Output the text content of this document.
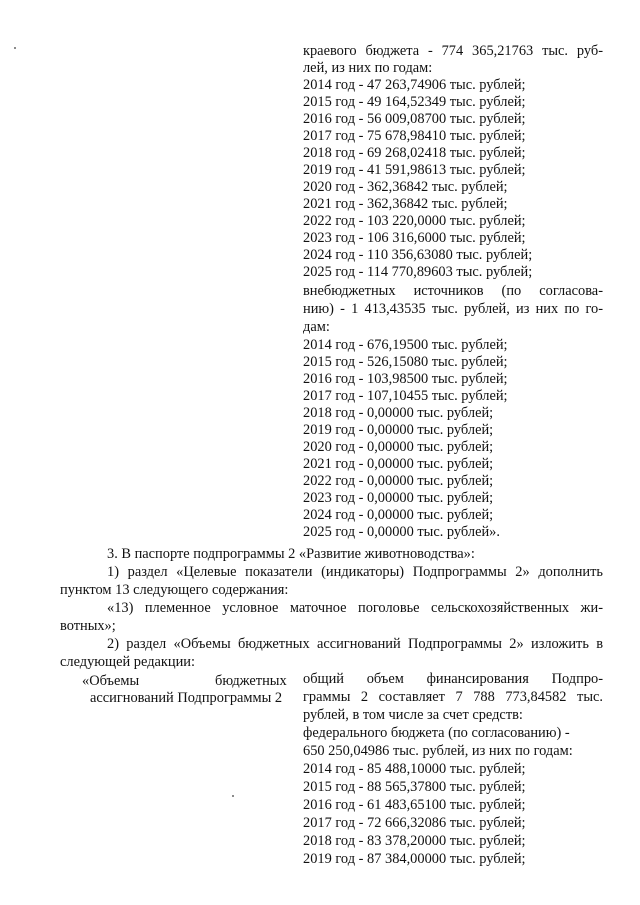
краевого бюджета - 774 365,21763 тыс. руб-
лей, из них по годам:
2014 год - 47 263,74906 тыс. рублей;
2015 год - 49 164,52349 тыс. рублей;
2016 год - 56 009,08700 тыс. рублей;
2017 год - 75 678,98410 тыс. рублей;
2018 год - 69 268,02418 тыс. рублей;
2019 год - 41 591,98613 тыс. рублей;
2020 год - 362,36842 тыс. рублей;
2021 год - 362,36842 тыс. рублей;
2022 год - 103 220,0000 тыс. рублей;
2023 год - 106 316,6000 тыс. рублей;
2024 год - 110 356,63080 тыс. рублей;
2025 год - 114 770,89603 тыс. рублей;
внебюджетных источников (по согласова-
нию) - 1 413,43535 тыс. рублей, из них по го-
дам:
2014 год - 676,19500 тыс. рублей;
2015 год - 526,15080 тыс. рублей;
2016 год - 103,98500 тыс. рублей;
2017 год - 107,10455 тыс. рублей;
2018 год - 0,00000 тыс. рублей;
2019 год - 0,00000 тыс. рублей;
2020 год - 0,00000 тыс. рублей;
2021 год - 0,00000 тыс. рублей;
2022 год - 0,00000 тыс. рублей;
2023 год - 0,00000 тыс. рублей;
2024 год - 0,00000 тыс. рублей;
2025 год - 0,00000 тыс. рублей».
3. В паспорте подпрограммы 2 «Развитие животноводства»:
1) раздел «Целевые показатели (индикаторы) Подпрограммы 2» дополнить
пунктом 13 следующего содержания:
«13) племенное условное маточное поголовье сельскохозяйственных жи-
вотных»;
2) раздел «Объемы бюджетных ассигнований Подпрограммы 2» изложить в
следующей редакции:
«Объемы	бюджетных
ассигнований Подпрограммы 2
общий объем финансирования Подпро-
граммы 2 составляет 7 788 773,84582 тыс.
рублей, в том числе за счет средств:
федерального бюджета (по согласованию) -
650 250,04986 тыс. рублей, из них по годам:
2014 год - 85 488,10000 тыс. рублей;
2015 год - 88 565,37800 тыс. рублей;
2016 год - 61 483,65100 тыс. рублей;
2017 год - 72 666,32086 тыс. рублей;
2018 год - 83 378,20000 тыс. рублей;
2019 год - 87 384,00000 тыс. рублей;
